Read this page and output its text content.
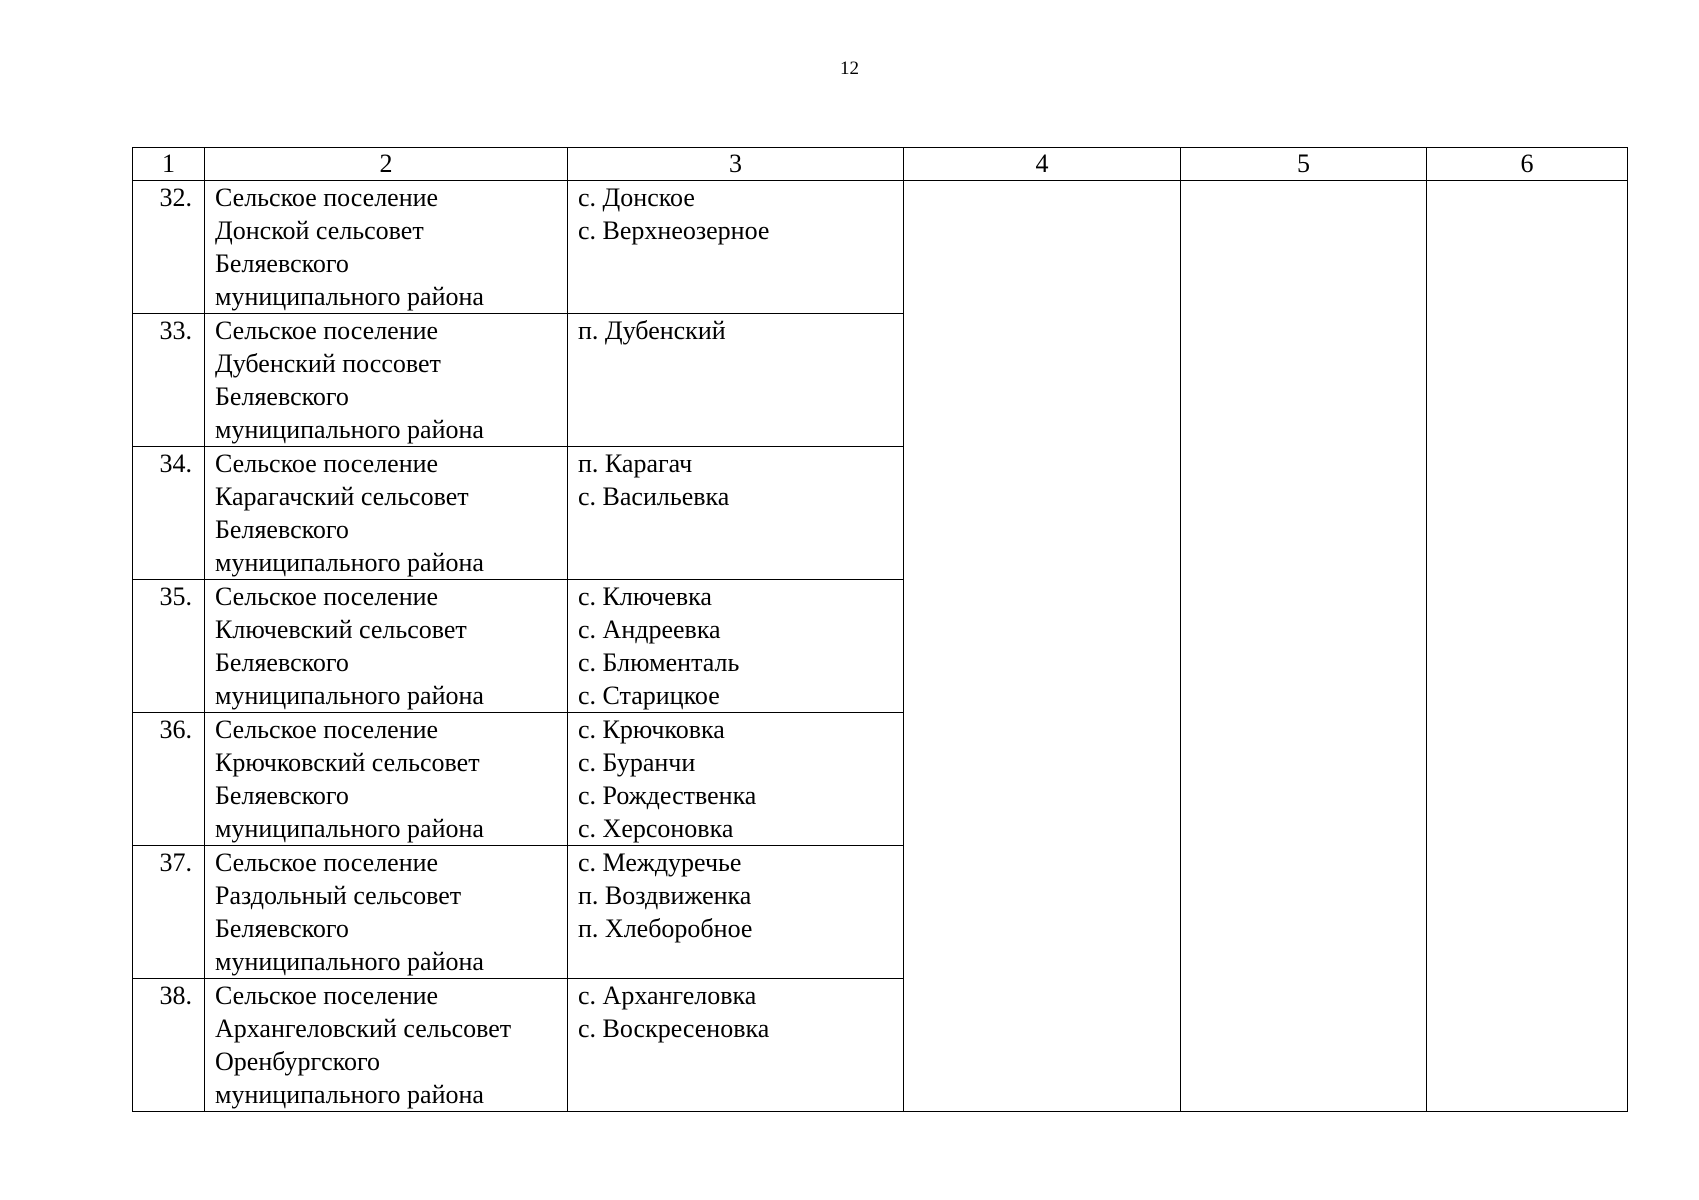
12
1	2	3	4	5	6
32.	Сельское поселение
Донской сельсовет
Беляевского
муниципального района	с. Донское
с. Верхнеозерное			

33.	Сельское поселение
Дубенский поссовет
Беляевского
муниципального района	п. Дубенский			

34.	Сельское поселение
Карагачский сельсовет
Беляевского
муниципального района	п. Карагач
с. Васильевка			

35.	Сельское поселение
Ключевский сельсовет
Беляевского
муниципального района	с. Ключевка
с. Андреевка
с. Блюменталь
с. Старицкое			

36.	Сельское поселение
Крючковский сельсовет
Беляевского
муниципального района	с. Крючковка
с. Буранчи
с. Рождественка
с. Херсоновка			

37.	Сельское поселение
Раздольный сельсовет
Беляевского
муниципального района	с. Междуречье
п. Воздвиженка
п. Хлеборобное			

38.	Сельское поселение
Архангеловский сельсовет
Оренбургского
муниципального района	с. Архангеловка
с. Воскресеновка			
